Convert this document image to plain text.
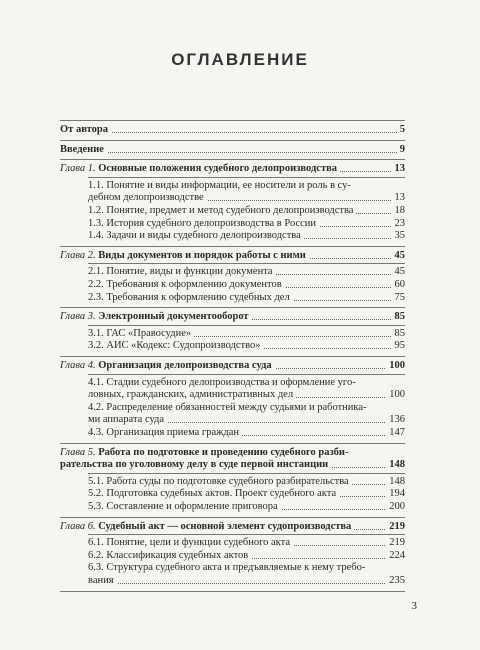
ОГЛАВЛЕНИЕ
От автора	5
Введение	9
Глава 1. Основные положения судебного делопроизводства	13
1.1. Понятие и виды информации, ее носители и роль в су-
дебном делопроизводстве	13
1.2. Понятие, предмет и метод судебного делопроизводства	18
1.3. История судебного делопроизводства в России	23
1.4. Задачи и виды судебного делопроизводства	35
Глава 2. Виды документов и порядок работы с ними	45
2.1. Понятие, виды и функции документа	45
2.2. Требования к оформлению документов	60
2.3. Требования к оформлению судебных дел	75
Глава 3. Электронный документооборот	85
3.1. ГАС «Правосудие»	85
3.2. АИС «Кодекс: Судопроизводство»	95
Глава 4. Организация делопроизводства суда	100
4.1. Стадии судебного делопроизводства и оформление уго-
ловных, гражданских, административных дел	100
4.2. Распределение обязанностей между судьями и работника-
ми аппарата суда	136
4.3. Организация приема граждан	147
Глава 5. Работа по подготовке и проведению судебного разби-
рательства по уголовному делу в суде первой инстанции	148
5.1. Работа суды по подготовке судебного разбирательства	148
5.2. Подготовка судебных актов. Проект судебного акта	194
5.3. Составление и оформление приговора	200
Глава 6. Судебный акт — основной элемент судопроизводства	219
6.1. Понятие, цели и функции судебного акта	219
6.2. Классификация судебных актов	224
6.3. Структура судебного акта и предъявляемые к нему требо-
вания	235
3
